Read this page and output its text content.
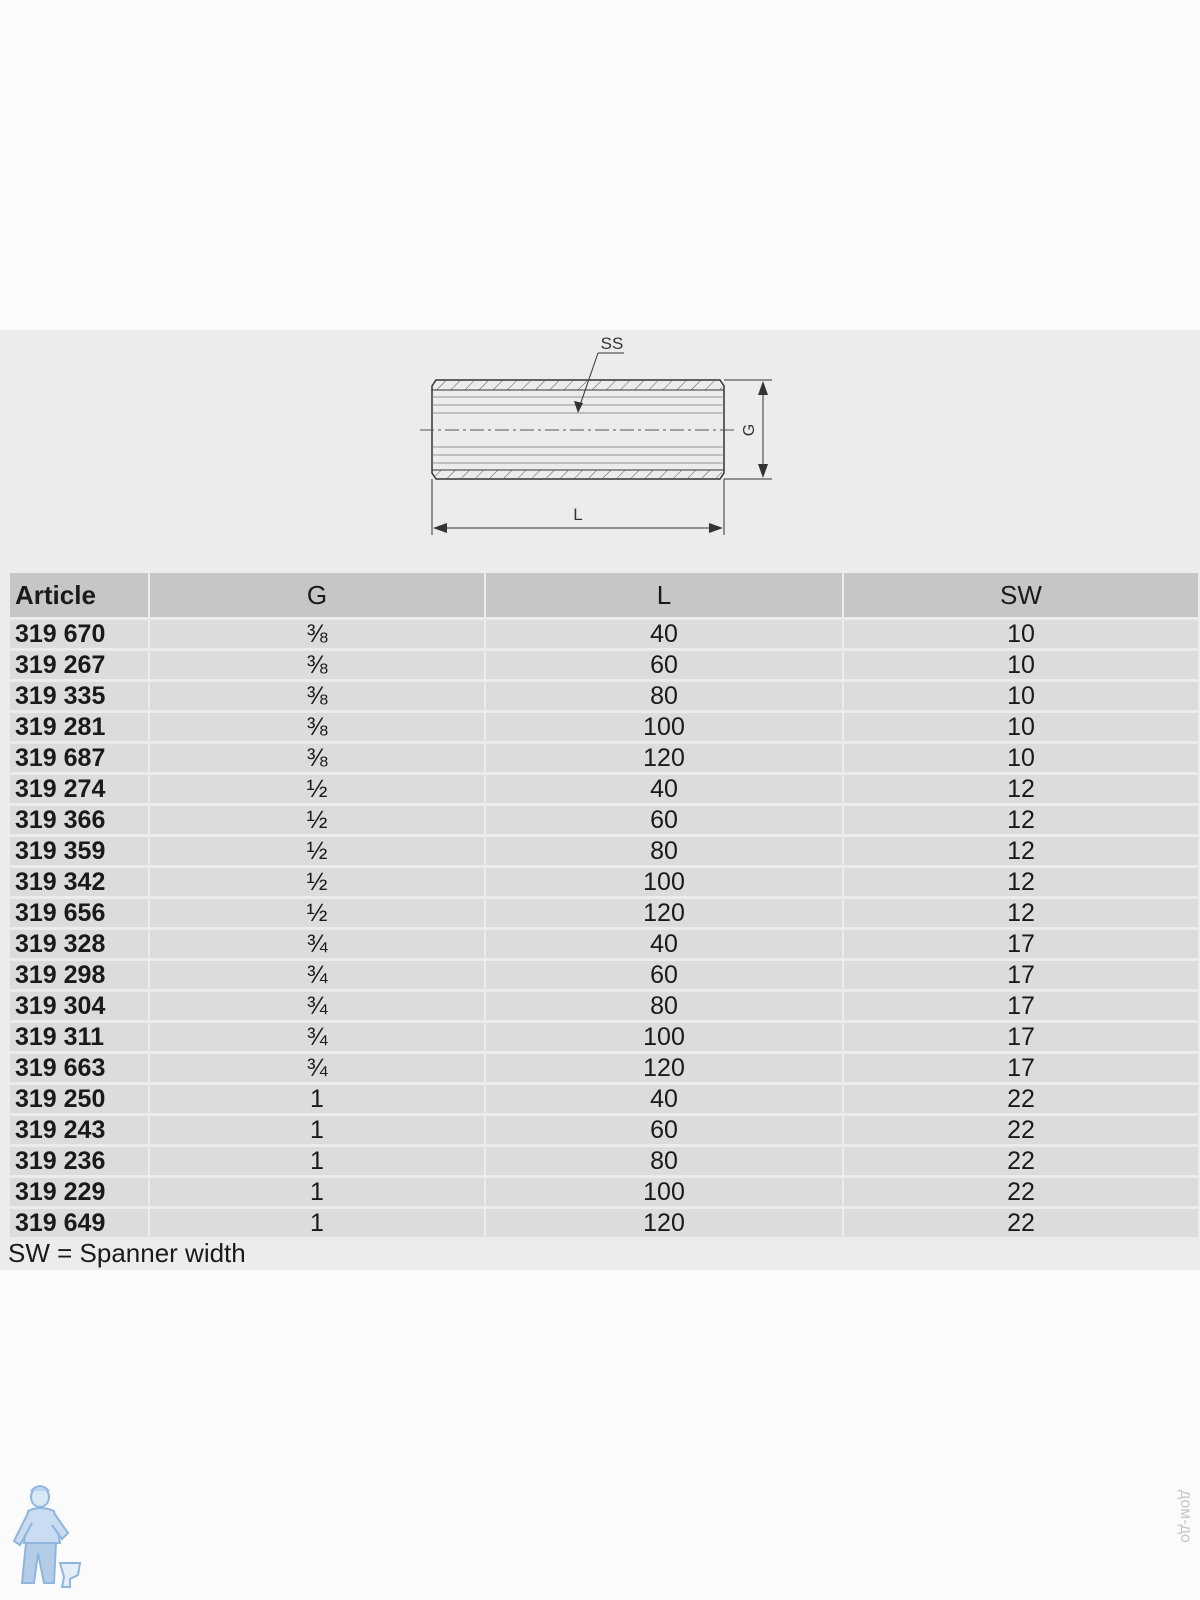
SS
G
L
Article	G	L	SW
319 670	⅜	40	10
319 267	⅜	60	10
319 335	⅜	80	10
319 281	⅜	100	10
319 687	⅜	120	10
319 274	½	40	12
319 366	½	60	12
319 359	½	80	12
319 342	½	100	12
319 656	½	120	12
319 328	¾	40	17
319 298	¾	60	17
319 304	¾	80	17
319 311	¾	100	17
319 663	¾	120	17
319 250	1	40	22
319 243	1	60	22
319 236	1	80	22
319 229	1	100	22
319 649	1	120	22
SW = Spanner width
дом-до
